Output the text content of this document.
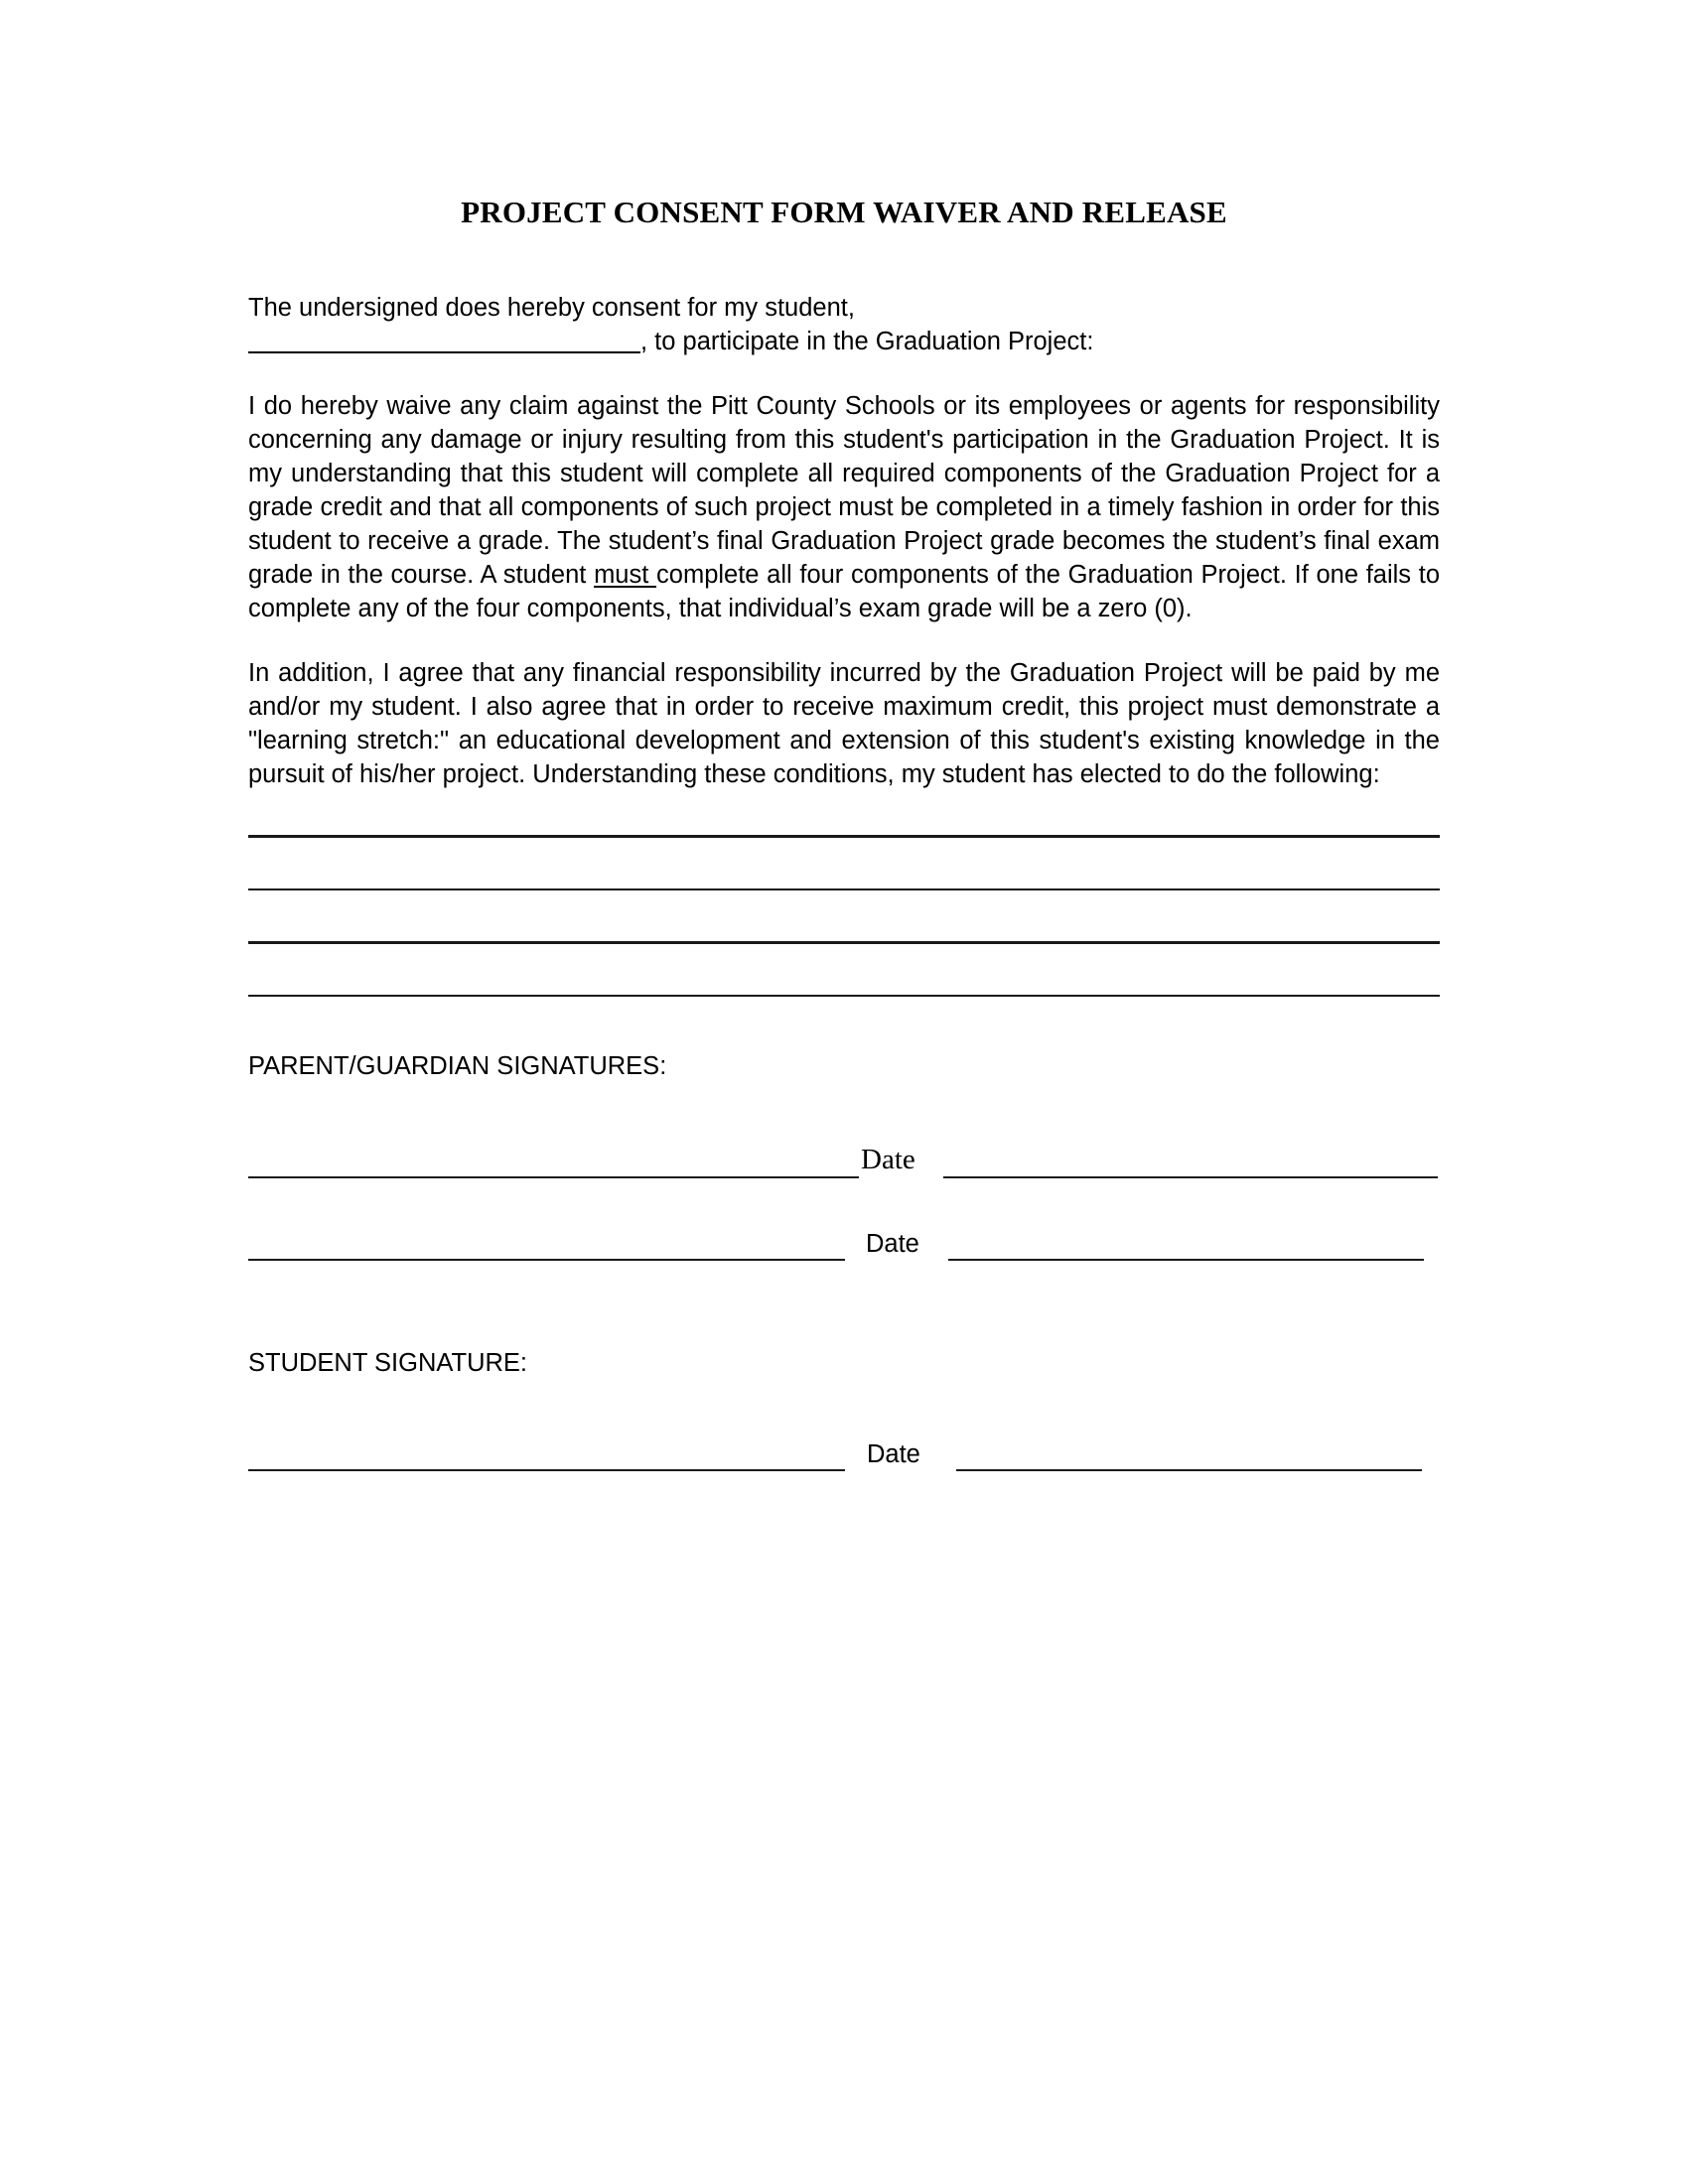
PROJECT CONSENT FORM WAIVER AND RELEASE
The undersigned does hereby consent for my student,
, to participate in the Graduation Project:

I do hereby waive any claim against the Pitt County Schools or its employees or agents for responsibility concerning any damage or injury resulting from this student's participation in the Graduation Project. It is my understanding that this student will complete all required components of the Graduation Project for a grade credit and that all components of such project must be completed in a timely fashion in order for this student to receive a grade. The student’s final Graduation Project grade becomes the student’s final exam grade in the course. A student must complete all four components of the Graduation Project. If one fails to complete any of the four components, that individual’s exam grade will be a zero (0).

In addition, I agree that any financial responsibility incurred by the Graduation Project will be paid by me and/or my student. I also agree that in order to receive maximum credit, this project must demonstrate a "learning stretch:" an educational development and extension of this student's existing knowledge in the pursuit of his/her project. Understanding these conditions, my student has elected to do the following:

PARENT/GUARDIAN SIGNATURES:
Date
Date
STUDENT SIGNATURE:
Date
